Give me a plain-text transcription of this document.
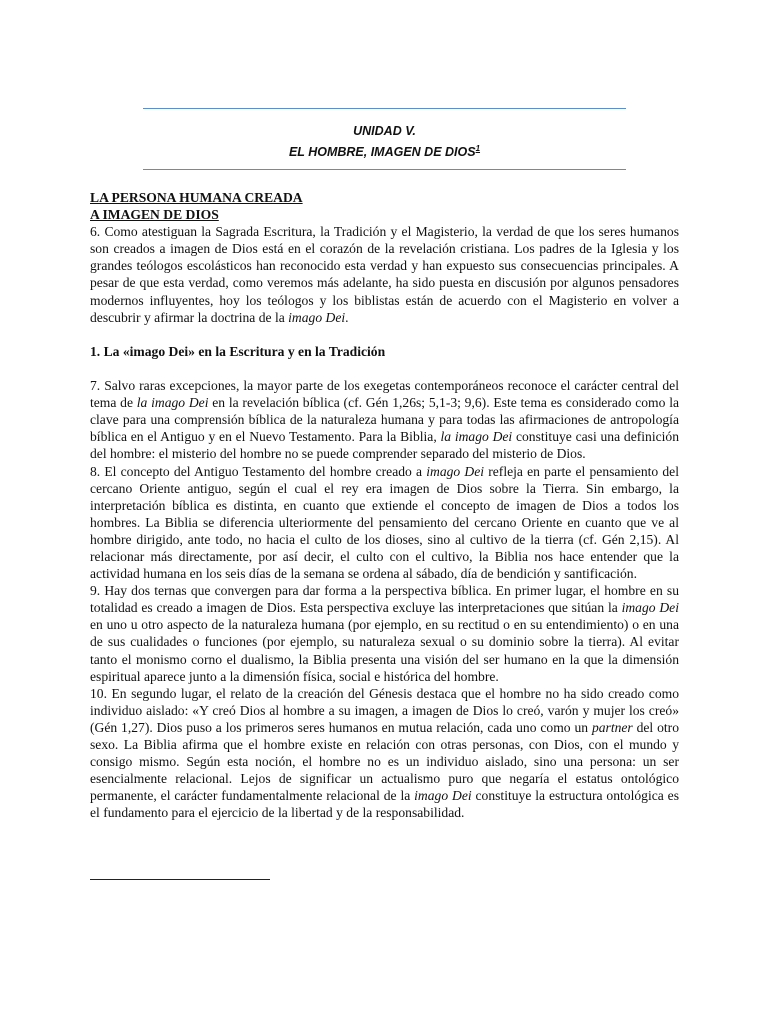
UNIDAD V.
EL HOMBRE, IMAGEN DE DIOS$^1$
LA PERSONA HUMANA CREADA
A IMAGEN DE DIOS

6. Como atestiguan la Sagrada Escritura, la Tradición y el Magisterio, la verdad de que los seres humanos son creados a imagen de Dios está en el corazón de la revelación cristiana. Los padres de la Iglesia y los grandes teólogos escolásticos han reconocido esta verdad y han expuesto sus consecuencias principales. A pesar de que esta verdad, como veremos más adelante, ha sido puesta en discusión por algunos pensadores modernos influyentes, hoy los teólogos y los biblistas están de acuerdo con el Magisterio en volver a descubrir y afirmar la doctrina de la imago Dei.

1. La «imago Dei» en la Escritura y en la Tradición

7. Salvo raras excepciones, la mayor parte de los exegetas contemporáneos reconoce el carácter central del tema de la imago Dei en la revelación bíblica (cf. Gén 1,26s; 5,1-3; 9,6). Este tema es considerado como la clave para una comprensión bíblica de la naturaleza humana y para todas las afirmaciones de antropología bíblica en el Antiguo y en el Nuevo Testamento. Para la Biblia, la imago Dei constituye casi una definición del hombre: el misterio del hombre no se puede comprender separado del misterio de Dios.

8. El concepto del Antiguo Testamento del hombre creado a imago Dei refleja en parte el pensamiento del cercano Oriente antiguo, según el cual el rey era imagen de Dios sobre la Tierra. Sin embargo, la interpretación bíblica es distinta, en cuanto que extiende el concepto de imagen de Dios a todos los hombres. La Biblia se diferencia ulteriormente del pensamiento del cercano Oriente en cuanto que ve al hombre dirigido, ante todo, no hacia el culto de los dioses, sino al cultivo de la tierra (cf. Gén 2,15). Al relacionar más directamente, por así decir, el culto con el cultivo, la Biblia nos hace entender que la actividad humana en los seis días de la semana se ordena al sábado, día de bendición y santificación.

9. Hay dos ternas que convergen para dar forma a la perspectiva bíblica. En primer lugar, el hombre en su totalidad es creado a imagen de Dios. Esta perspectiva excluye las interpretaciones que sitúan la imago Dei en uno u otro aspecto de la naturaleza humana (por ejemplo, en su rectitud o en su entendimiento) o en una de sus cualidades o funciones (por ejemplo, su naturaleza sexual o su dominio sobre la tierra). Al evitar tanto el monismo corno el dualismo, la Biblia presenta una visión del ser humano en la que la dimensión espiritual aparece junto a la dimensión física, social e histórica del hombre.

10. En segundo lugar, el relato de la creación del Génesis destaca que el hombre no ha sido creado como individuo aislado: «Y creó Dios al hombre a su imagen, a imagen de Dios lo creó, varón y mujer los creó» (Gén 1,27). Dios puso a los primeros seres humanos en mutua relación, cada uno como un partner del otro sexo. La Biblia afirma que el hombre existe en relación con otras personas, con Dios, con el mundo y consigo mismo. Según esta noción, el hombre no es un individuo aislado, sino una persona: un ser esencialmente relacional. Lejos de significar un actualismo puro que negaría el estatus ontológico permanente, el carácter fundamentalmente relacional de la imago Dei constituye la estructura ontológica es el fundamento para el ejercicio de la libertad y de la responsabilidad.
